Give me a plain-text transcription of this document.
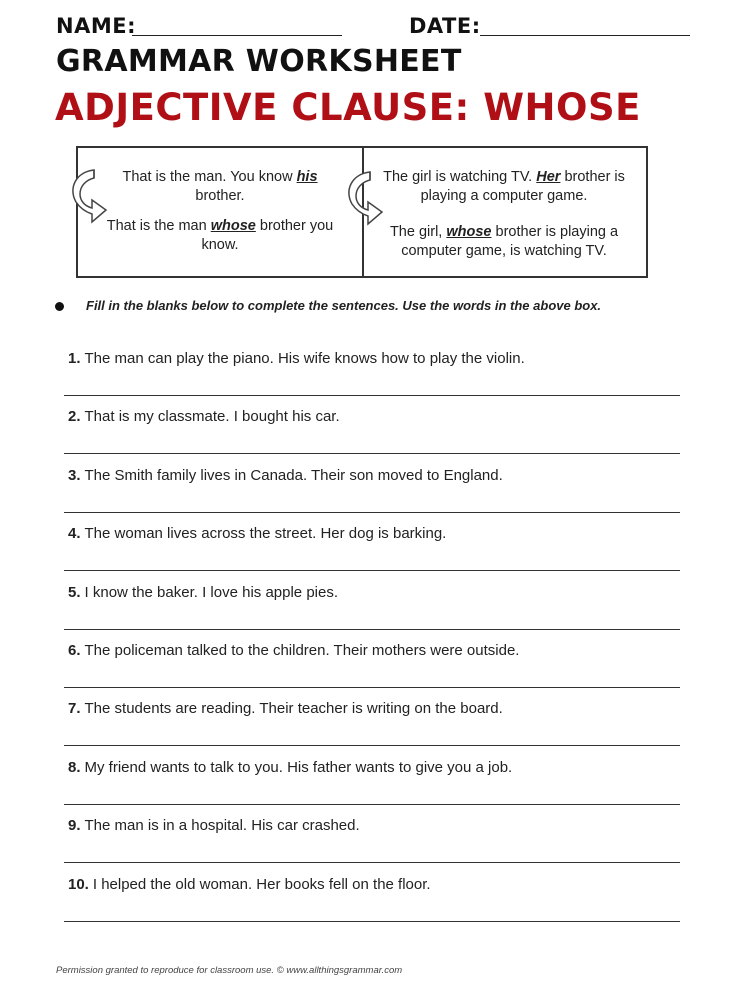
NAME:	DATE:
GRAMMAR WORKSHEET
ADJECTIVE CLAUSE: WHOSE
That is the man. You know his brother.
That is the man whose brother you know.
The girl is watching TV. Her brother is playing a computer game.
The girl, whose brother is playing a computer game, is watching TV.
Fill in the blanks below to complete the sentences. Use the words in the above box.
1. The man can play the piano. His wife knows how to play the violin.
2. That is my classmate. I bought his car.
3. The Smith family lives in Canada. Their son moved to England.
4. The woman lives across the street. Her dog is barking.
5. I know the baker. I love his apple pies.
6. The policeman talked to the children. Their mothers were outside.
7. The students are reading. Their teacher is writing on the board.
8. My friend wants to talk to you. His father wants to give you a job.
9. The man is in a hospital. His car crashed.
10. I helped the old woman. Her books fell on the floor.
Permission granted to reproduce for classroom use. © www.allthingsgrammar.com
